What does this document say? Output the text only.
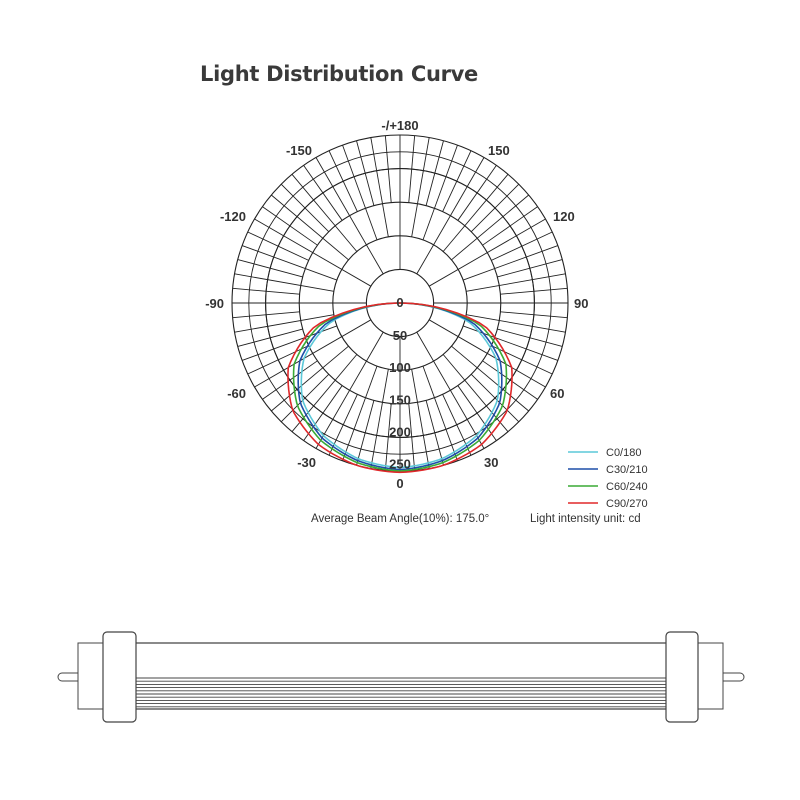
Light Distribution Curve
-/+180
150
120
90
60
30
0
-30
-60
-90
-120
-150
0
50
100
150
200
250
C0/180
C30/210
C60/240
C90/270
Average Beam Angle(10%): 175.0°	Light intensity unit: cd
